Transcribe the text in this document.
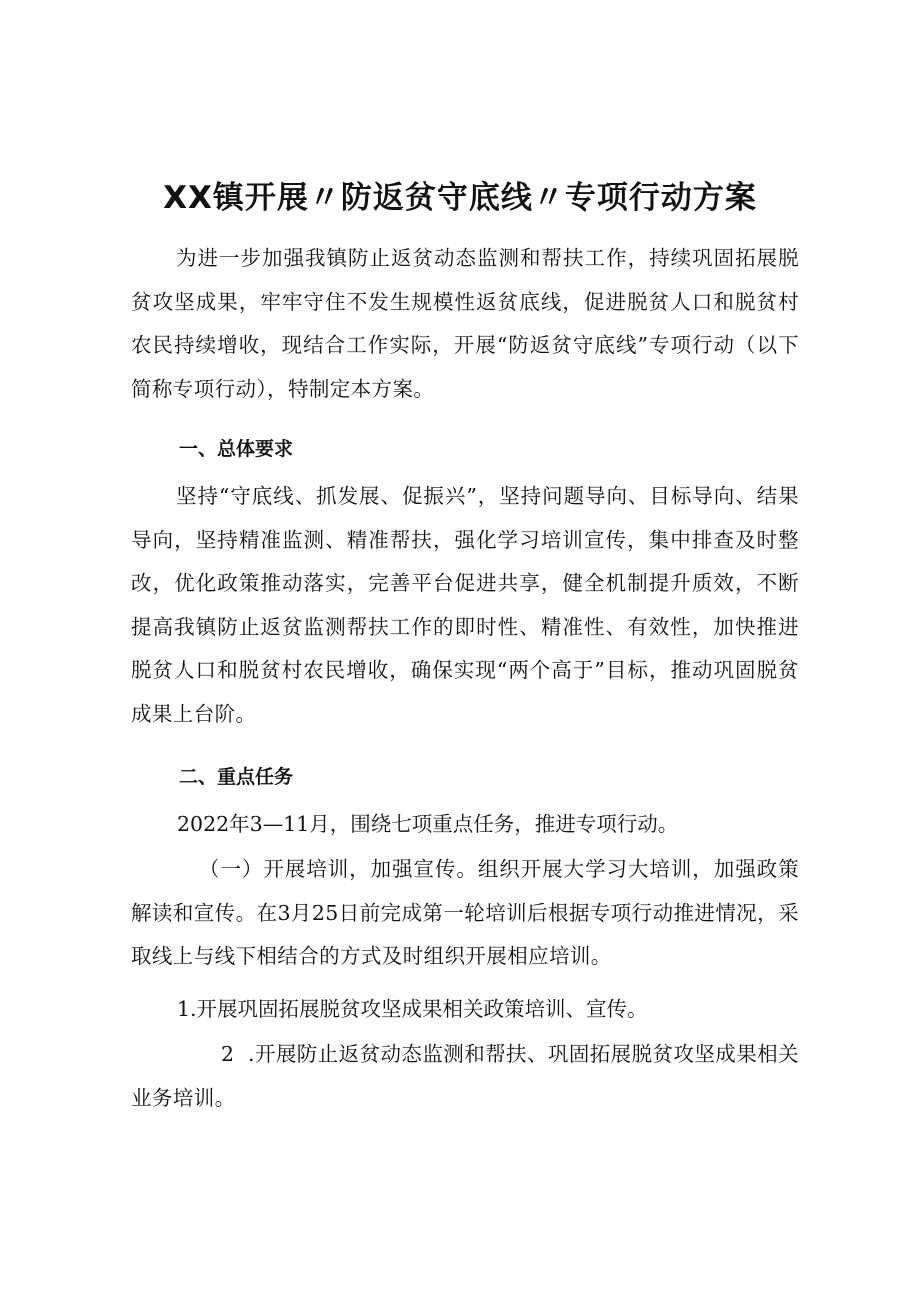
XX镇开展〃防返贫守底线〃专项行动方案

为进一步加强我镇防止返贫动态监测和帮扶工作，持续巩固拓展脱贫攻坚成果，牢牢守住不发生规模性返贫底线，促进脱贫人口和脱贫村农民持续增收，现结合工作实际，开展“防返贫守底线”专项行动（以下简称专项行动），特制定本方案。

一、总体要求

坚持“守底线、抓发展、促振兴”，坚持问题导向、目标导向、结果导向，坚持精准监测、精准帮扶，强化学习培训宣传，集中排查及时整改，优化政策推动落实，完善平台促进共享，健全机制提升质效，不断提高我镇防止返贫监测帮扶工作的即时性、精准性、有效性，加快推进脱贫人口和脱贫村农民增收，确保实现“两个高于”目标，推动巩固脱贫成果上台阶。

二、重点任务

2022年3—11月，围绕七项重点任务，推进专项行动。

（一）开展培训，加强宣传。组织开展大学习大培训，加强政策解读和宣传。在3月25日前完成第一轮培训后根据专项行动推进情况，采取线上与线下相结合的方式及时组织开展相应培训。

1.开展巩固拓展脱贫攻坚成果相关政策培训、宣传。

2 .开展防止返贫动态监测和帮扶、巩固拓展脱贫攻坚成果相关业务培训。
